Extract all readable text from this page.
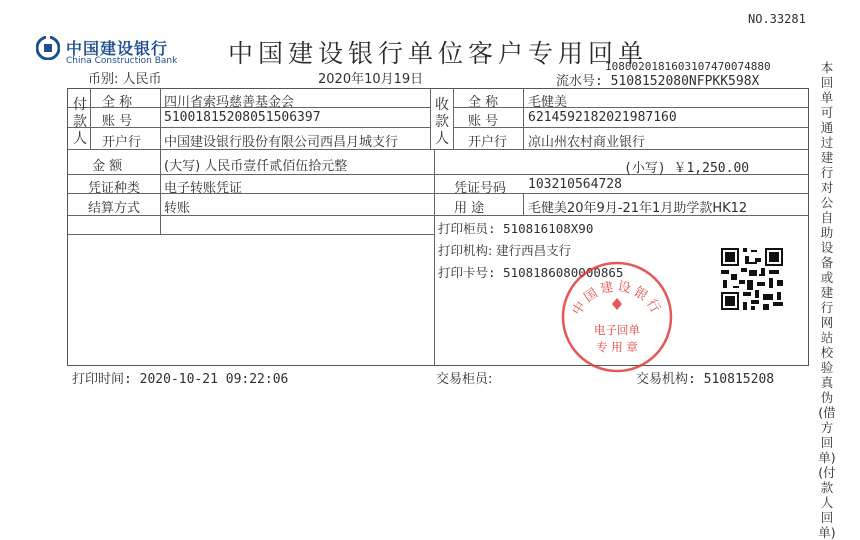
中国建设银行
China Construction Bank 中国建设银行单位客户专用回单
NO.33281
1080020181603107470074880
币别: 人民币	2020年10月19日	流水号: 5108152080NFPKK598X
付款人
全 称 四川省索玛慈善基金会
账 号 51001815208051506397
开户行 中国建设银行股份有限公司西昌月城支行
收款人
全 称 毛健美
账 号 6214592182021987160
开户行 凉山州农村商业银行
金 额	(大写) 人民币壹仟贰佰伍拾元整	(小写) ￥1,250.00
凭证种类 电子转账凭证	凭证号码 103210564728
结算方式 转账	用 途	毛健美20年9月-21年1月助学款HK12
打印柜员: 510816108X90
打印机构: 建行西昌支行
打印卡号: 5108186080000865
中国建设银行
电子回单
专 用 章
本回单可通过建行对公自助设备或建行网站校验真伪(借方回单)(付款人回单)
打印时间: 2020-10-21 09:22:06	交易柜员:	交易机构: 510815208
